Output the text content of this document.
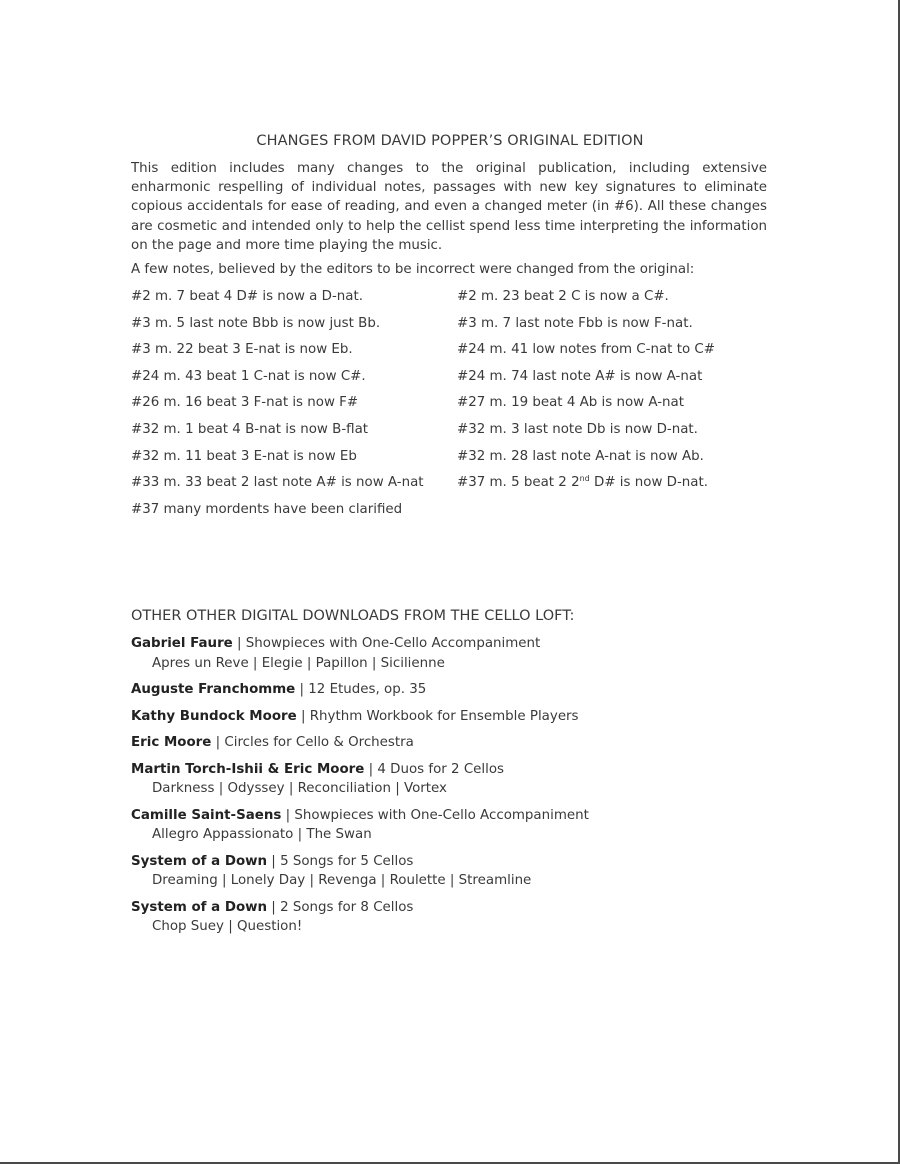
CHANGES FROM DAVID POPPER’S ORIGINAL EDITION

This edition includes many changes to the original publication, including extensive enharmonic respelling of individual notes, passages with new key signatures to eliminate copious accidentals for ease of reading, and even a changed meter (in #6). All these changes are cosmetic and intended only to help the cellist spend less time interpreting the information on the page and more time playing the music.

A few notes, believed by the editors to be incorrect were changed from the original:

#2 m. 7 beat 4 D# is now a D-nat.
#3 m. 5 last note Bbb is now just Bb.
#3 m. 22 beat 3 E-nat is now Eb.
#24 m. 43 beat 1 C-nat is now C#.
#26 m. 16 beat 3 F-nat is now F#
#32 m. 1 beat 4 B-nat is now B-flat
#32 m. 11 beat 3 E-nat is now Eb
#33 m. 33 beat 2 last note A# is now A-nat
#37 many mordents have been clarified
#2 m. 23 beat 2 C is now a C#.
#3 m. 7 last note Fbb is now F-nat.
#24 m. 41 low notes from C-nat to C#
#24 m. 74 last note A# is now A-nat
#27 m. 19 beat 4 Ab is now A-nat
#32 m. 3 last note Db is now D-nat.
#32 m. 28 last note A-nat is now Ab.
#37 m. 5 beat 2 2nd D# is now D-nat.
OTHER OTHER DIGITAL DOWNLOADS FROM THE CELLO LOFT:
Gabriel Faure | Showpieces with One-Cello Accompaniment
Apres un Reve | Elegie | Papillon | Sicilienne
Auguste Franchomme | 12 Etudes, op. 35
Kathy Bundock Moore | Rhythm Workbook for Ensemble Players
Eric Moore | Circles for Cello & Orchestra
Martin Torch-Ishii & Eric Moore | 4 Duos for 2 Cellos
Darkness | Odyssey | Reconciliation | Vortex
Camille Saint-Saens | Showpieces with One-Cello Accompaniment
Allegro Appassionato | The Swan
System of a Down | 5 Songs for 5 Cellos
Dreaming | Lonely Day | Revenga | Roulette | Streamline
System of a Down | 2 Songs for 8 Cellos
Chop Suey | Question!
